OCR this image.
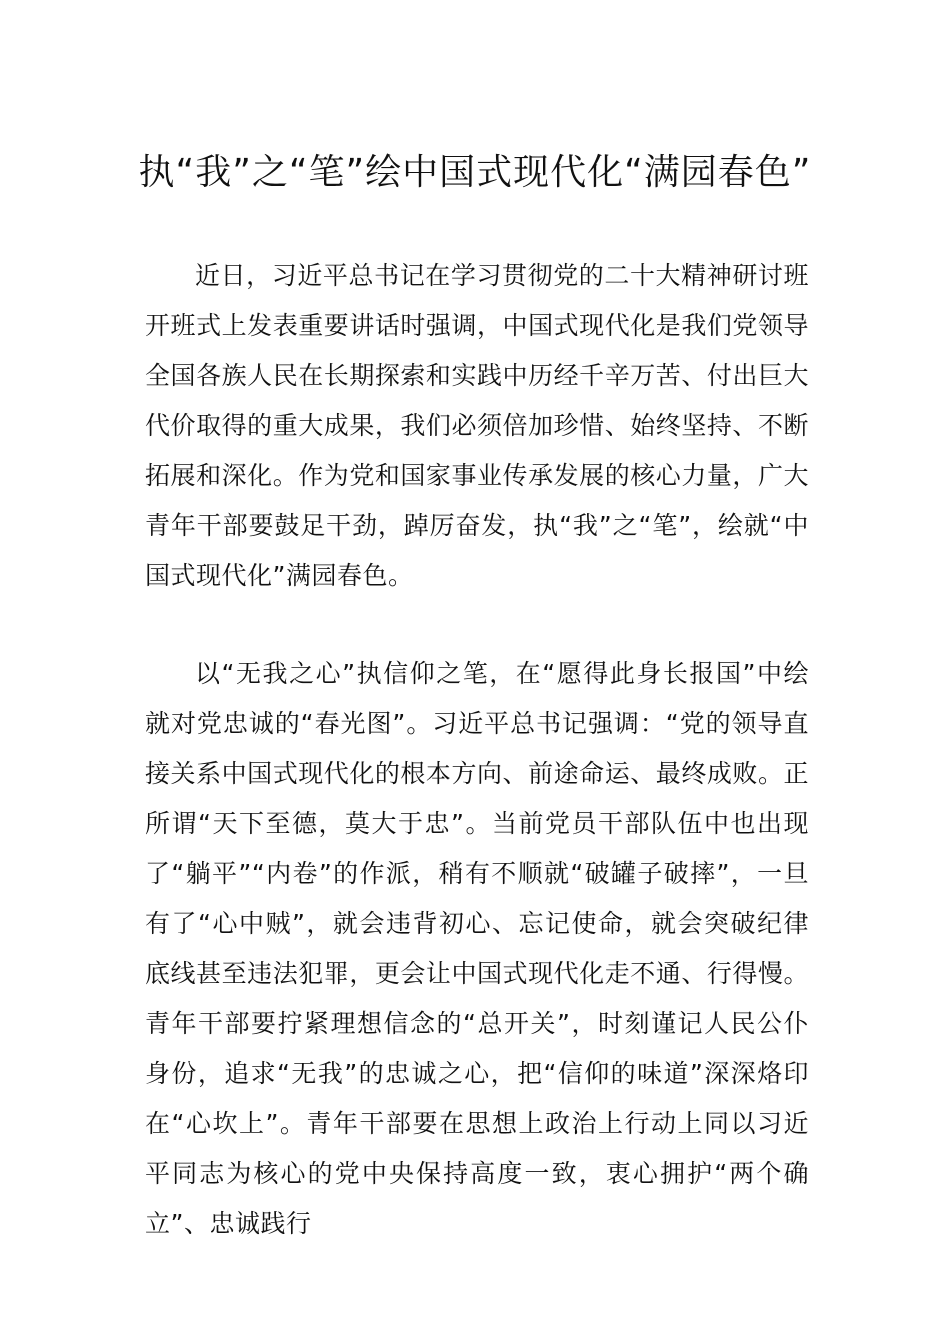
执“我”之“笔”绘中国式现代化“满园春色”

近日，习近平总书记在学习贯彻党的二十大精神研讨班开班式上发表重要讲话时强调，中国式现代化是我们党领导全国各族人民在长期探索和实践中历经千辛万苦、付出巨大代价取得的重大成果，我们必须倍加珍惜、始终坚持、不断拓展和深化。作为党和国家事业传承发展的核心力量，广大青年干部要鼓足干劲，踔厉奋发，执“我”之“笔”，绘就“中国式现代化”满园春色。

以“无我之心”执信仰之笔，在“愿得此身长报国”中绘就对党忠诚的“春光图”。习近平总书记强调：“党的领导直接关系中国式现代化的根本方向、前途命运、最终成败。正所谓“天下至德，莫大于忠”。当前党员干部队伍中也出现了“躺平”“内卷”的作派，稍有不顺就“破罐子破摔”，一旦有了“心中贼”，就会违背初心、忘记使命，就会突破纪律底线甚至违法犯罪，更会让中国式现代化走不通、行得慢。青年干部要拧紧理想信念的“总开关”，时刻谨记人民公仆身份，追求“无我”的忠诚之心，把“信仰的味道”深深烙印在“心坎上”。青年干部要在思想上政治上行动上同以习近平同志为核心的党中央保持高度一致，衷心拥护“两个确立”、忠诚践行
